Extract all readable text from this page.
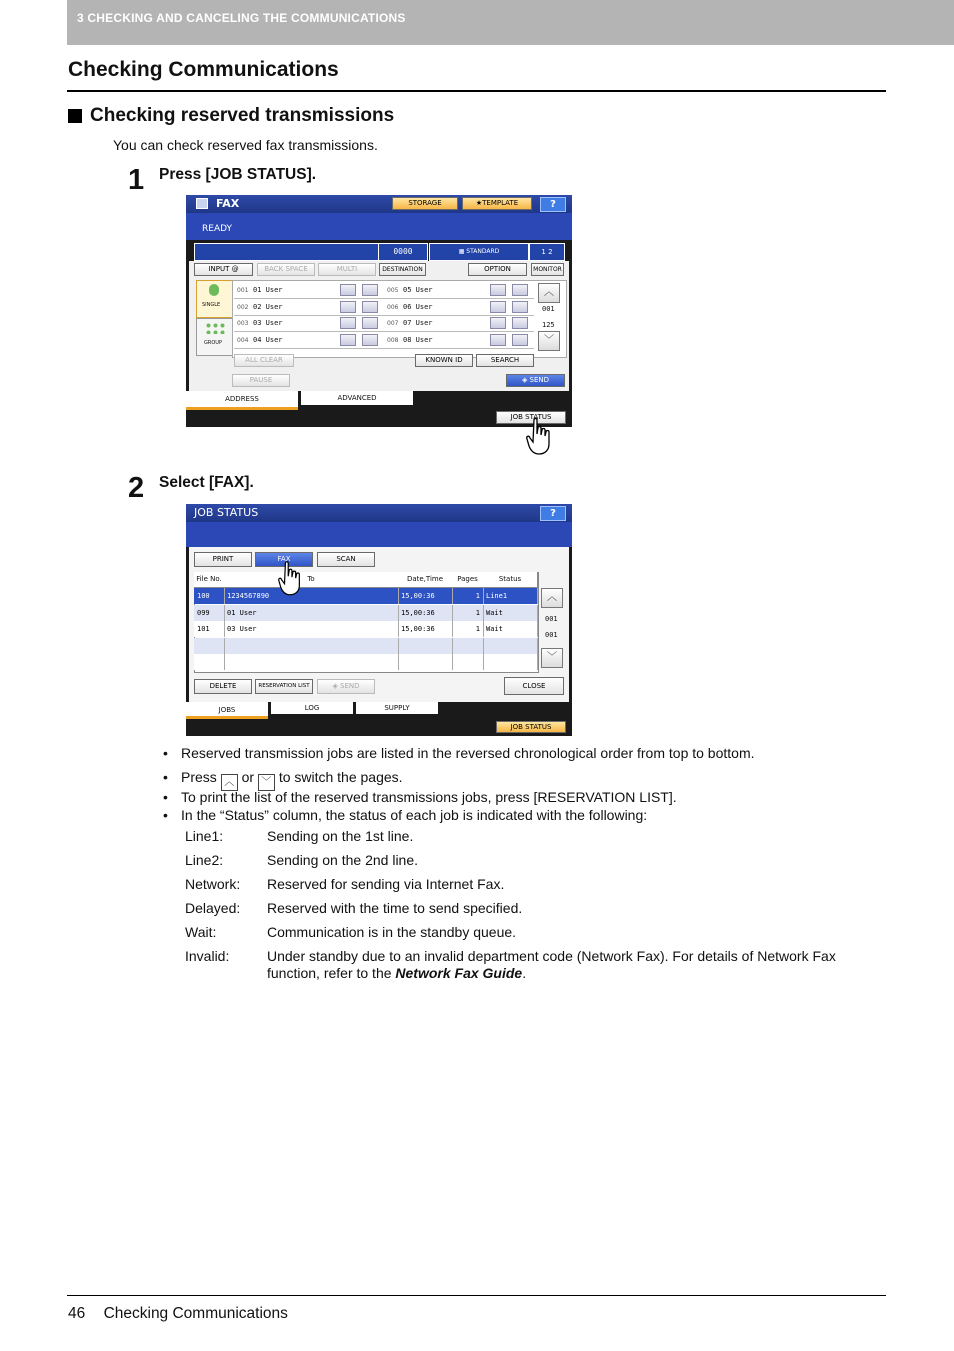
3 CHECKING AND CANCELING THE COMMUNICATIONS
Checking Communications
Checking reserved transmissions
You can check reserved fax transmissions.
1 Press [JOB STATUS].
FAX	STORAGE	★TEMPLATE	?
READY
0000	▦ STANDARD	1 2
INPUT @	BACK SPACE	MULTI	DESTINATION	OPTION	MONITOR
SINGLE
GROUP
001 01 User
002 02 User
003 03 User
004 04 User
005 05 User
006 06 User
007 07 User
008 08 User
︿
001
125
﹀
ALL CLEAR	KNOWN ID	SEARCH
PAUSE	◈ SEND
ADDRESS	ADVANCED
JOB STATUS
2 Select [FAX].
JOB STATUS	?
PRINT	FAX	SCAN
File No.	To	Date,Time	Pages	Status
100	1234567890	15,00:36	1 Line1
099	01 User	15,00:36	1 Wait
101	03 User	15,00:36	1 Wait
︿
001
001
﹀
DELETE	RESERVATION LIST	◈ SEND	CLOSE
JOBS	LOG	SUPPLY
JOB STATUS
• Reserved transmission jobs are listed in the reversed chronological order from top to bottom.
• Press ︿ or ﹀ to switch the pages.
• To print the list of the reserved transmissions jobs, press [RESERVATION LIST].
• In the “Status” column, the status of each job is indicated with the following:
Line1:	Sending on the 1st line.
Line2:	Sending on the 2nd line.
Network: Reserved for sending via Internet Fax.
Delayed: Reserved with the time to send specified.
Wait:	Communication is in the standby queue.
Invalid:	Under standby due to an invalid department code (Network Fax). For details of Network Fax
function, refer to the Network Fax Guide.
46 Checking Communications
